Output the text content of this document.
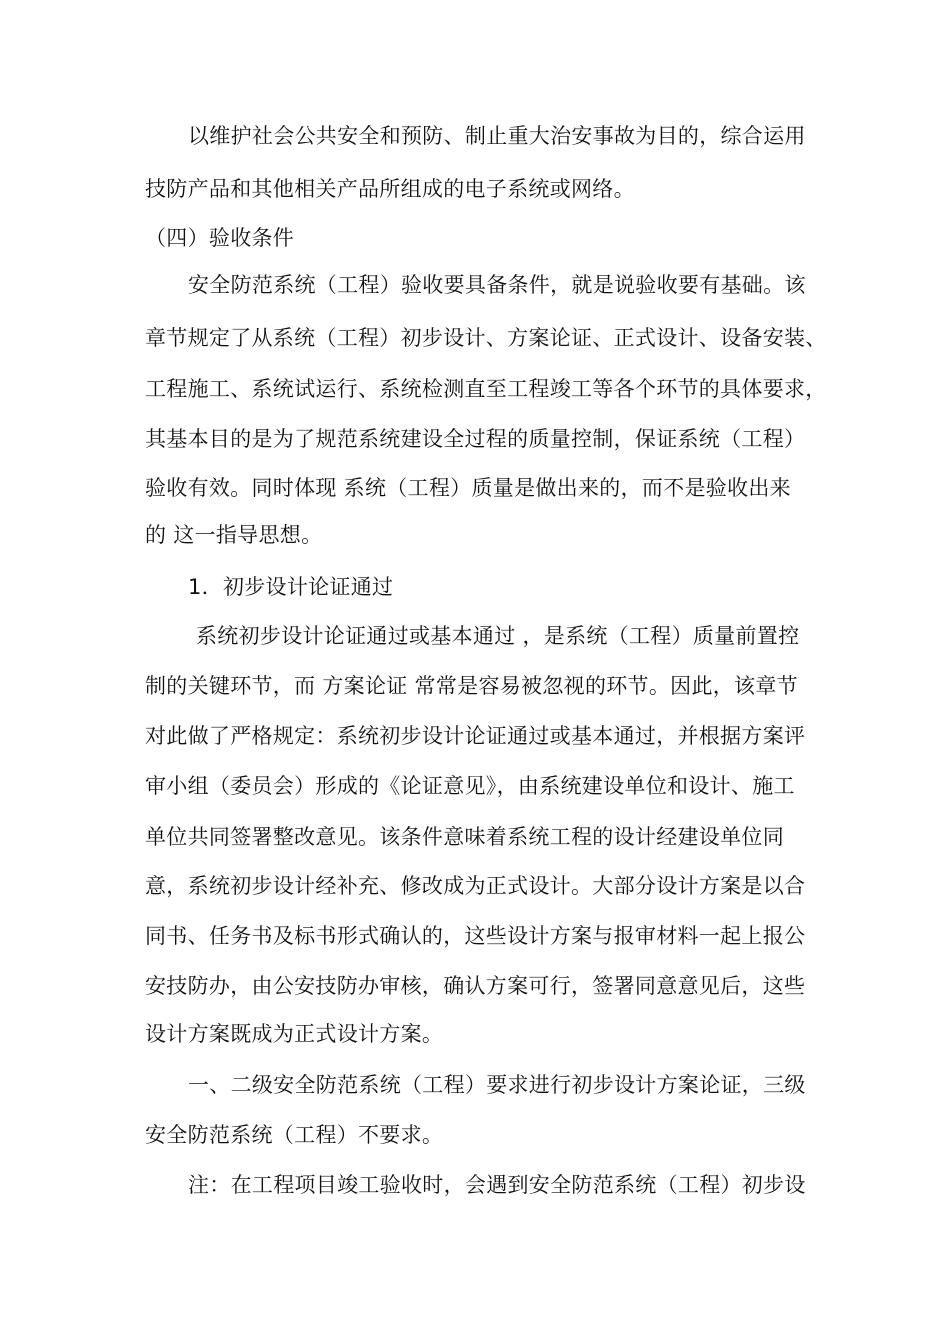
以维护社会公共安全和预防、制止重大治安事故为目的，综合运用
技防产品和其他相关产品所组成的电子系统或网络。
（四）验收条件
安全防范系统（工程）验收要具备条件，就是说验收要有基础。该
章节规定了从系统（工程）初步设计、方案论证、正式设计、设备安装、
工程施工、系统试运行、系统检测直至工程竣工等各个环节的具体要求，
其基本目的是为了规范系统建设全过程的质量控制，保证系统（工程）
验收有效。同时体现 系统（工程）质量是做出来的，而不是验收出来
的 这一指导思想。
1．初步设计论证通过
系统初步设计论证通过或基本通过 ，是系统（工程）质量前置控
制的关键环节，而 方案论证 常常是容易被忽视的环节。因此，该章节
对此做了严格规定：系统初步设计论证通过或基本通过，并根据方案评
审小组（委员会）形成的《论证意见》，由系统建设单位和设计、施工
单位共同签署整改意见。该条件意味着系统工程的设计经建设单位同
意，系统初步设计经补充、修改成为正式设计。大部分设计方案是以合
同书、任务书及标书形式确认的，这些设计方案与报审材料一起上报公
安技防办，由公安技防办审核，确认方案可行，签署同意意见后，这些
设计方案既成为正式设计方案。
一、二级安全防范系统（工程）要求进行初步设计方案论证，三级
安全防范系统（工程）不要求。
注：在工程项目竣工验收时，会遇到安全防范系统（工程）初步设
